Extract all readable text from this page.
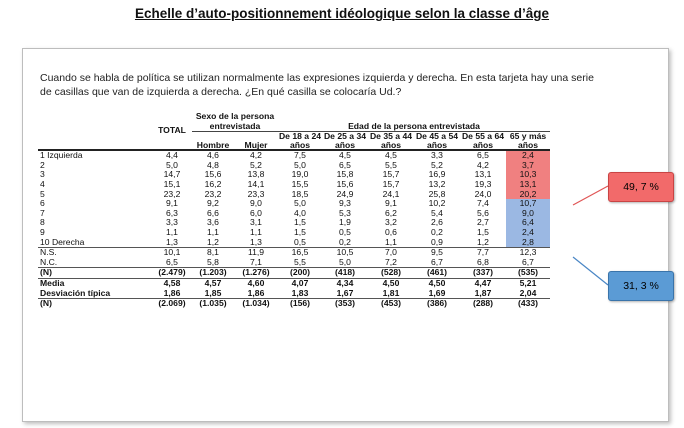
Echelle d’auto-positionnement idéologique selon la classe d’âge
Cuando se habla de política se utilizan normalmente las expresiones izquierda y derecha. En esta tarjeta hay una serie de casillas que van de izquierda a derecha. ¿En qué casilla se colocaría Ud.?
	TOTAL	Sexo de la persona entrevistada		Edad de la persona entrevistada					
		Hombre	Mujer	De 18 a 24 años	De 25 a 34 años	De 35 a 44 años	De 45 a 54 años	De 55 a 64 años	65 y más años
1 Izquierda	4,4	4,6	4,2	7,5	4,5	4,5	3,3	6,5	2,4
2	5,0	4,8	5,2	5,0	6,5	5,5	5,2	4,2	3,7
3	14,7	15,6	13,8	19,0	15,8	15,7	16,9	13,1	10,3
4	15,1	16,2	14,1	15,5	15,6	15,7	13,2	19,3	13,1
5	23,2	23,2	23,3	18,5	24,9	24,1	25,8	24,0	20,2
6	9,1	9,2	9,0	5,0	9,3	9,1	10,2	7,4	10,7
7	6,3	6,6	6,0	4,0	5,3	6,2	5,4	5,6	9,0
8	3,3	3,6	3,1	1,5	1,9	3,2	2,6	2,7	6,4
9	1,1	1,1	1,1	1,5	0,5	0,6	0,2	1,5	2,4
10 Derecha	1,3	1,2	1,3	0,5	0,2	1,1	0,9	1,2	2,8
N.S.	10,1	8,1	11,9	16,5	10,5	7,0	9,5	7,7	12,3
N.C.	6,5	5,8	7,1	5,5	5,0	7,2	6,7	6,8	6,7
(N)	(2.479)	(1.203)	(1.276)	(200)	(418)	(528)	(461)	(337)	(535)
Media	4,58	4,57	4,60	4,07	4,34	4,50	4,50	4,47	5,21
Desviación típica	1,86	1,85	1,86	1,83	1,67	1,81	1,69	1,87	2,04
(N)	(2.069)	(1.035)	(1.034)	(156)	(353)	(453)	(386)	(288)	(433)
49, 7 %
31, 3 %
